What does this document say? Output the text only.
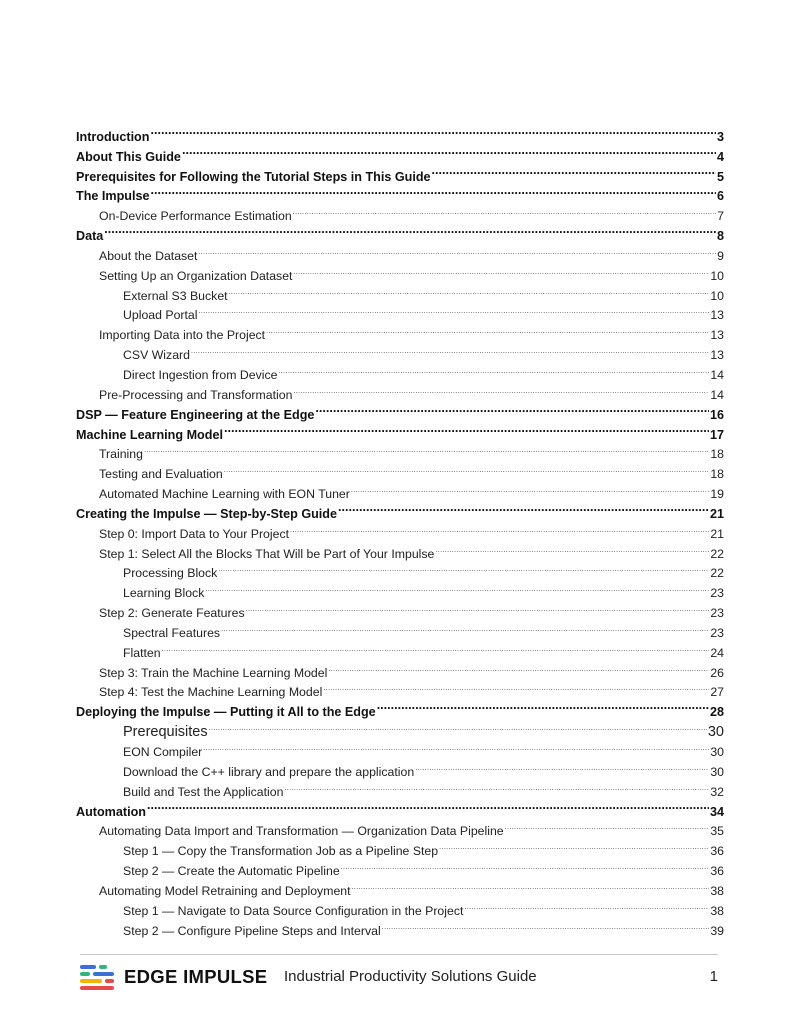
Introduction .....	3
About This Guide .....	4
Prerequisites for Following the Tutorial Steps in This Guide .....	5
The Impulse .....	6
On-Device Performance Estimation .....	7
Data .....	8
About the Dataset .....	9
Setting Up an Organization Dataset .....	10
External S3 Bucket .....	10
Upload Portal .....	13
Importing Data into the Project .....	13
CSV Wizard .....	13
Direct Ingestion from Device .....	14
Pre-Processing and Transformation .....	14
DSP — Feature Engineering at the Edge .....	16
Machine Learning Model .....	17
Training .....	18
Testing and Evaluation .....	18
Automated Machine Learning with EON Tuner .....	19
Creating the Impulse — Step-by-Step Guide .....	21
Step 0: Import Data to Your Project .....	21
Step 1: Select All the Blocks That Will be Part of Your Impulse .....	22
Processing Block .....	22
Learning Block .....	23
Step 2: Generate Features .....	23
Spectral Features .....	23
Flatten .....	24
Step 3: Train the Machine Learning Model .....	26
Step 4: Test the Machine Learning Model .....	27
Deploying the Impulse — Putting it All to the Edge .....	28
Prerequisites .....	30
EON Compiler .....	30
Download the C++ library and prepare the application .....	30
Build and Test the Application .....	32
Automation .....	34
Automating Data Import and Transformation — Organization Data Pipeline .....	35
Step 1 — Copy the Transformation Job as a Pipeline Step .....	36
Step 2 — Create the Automatic Pipeline .....	36
Automating Model Retraining and Deployment .....	38
Step 1 — Navigate to Data Source Configuration in the Project .....	38
Step 2 — Configure Pipeline Steps and Interval .....	39
EDGE IMPULSE Industrial Productivity Solutions Guide	1
